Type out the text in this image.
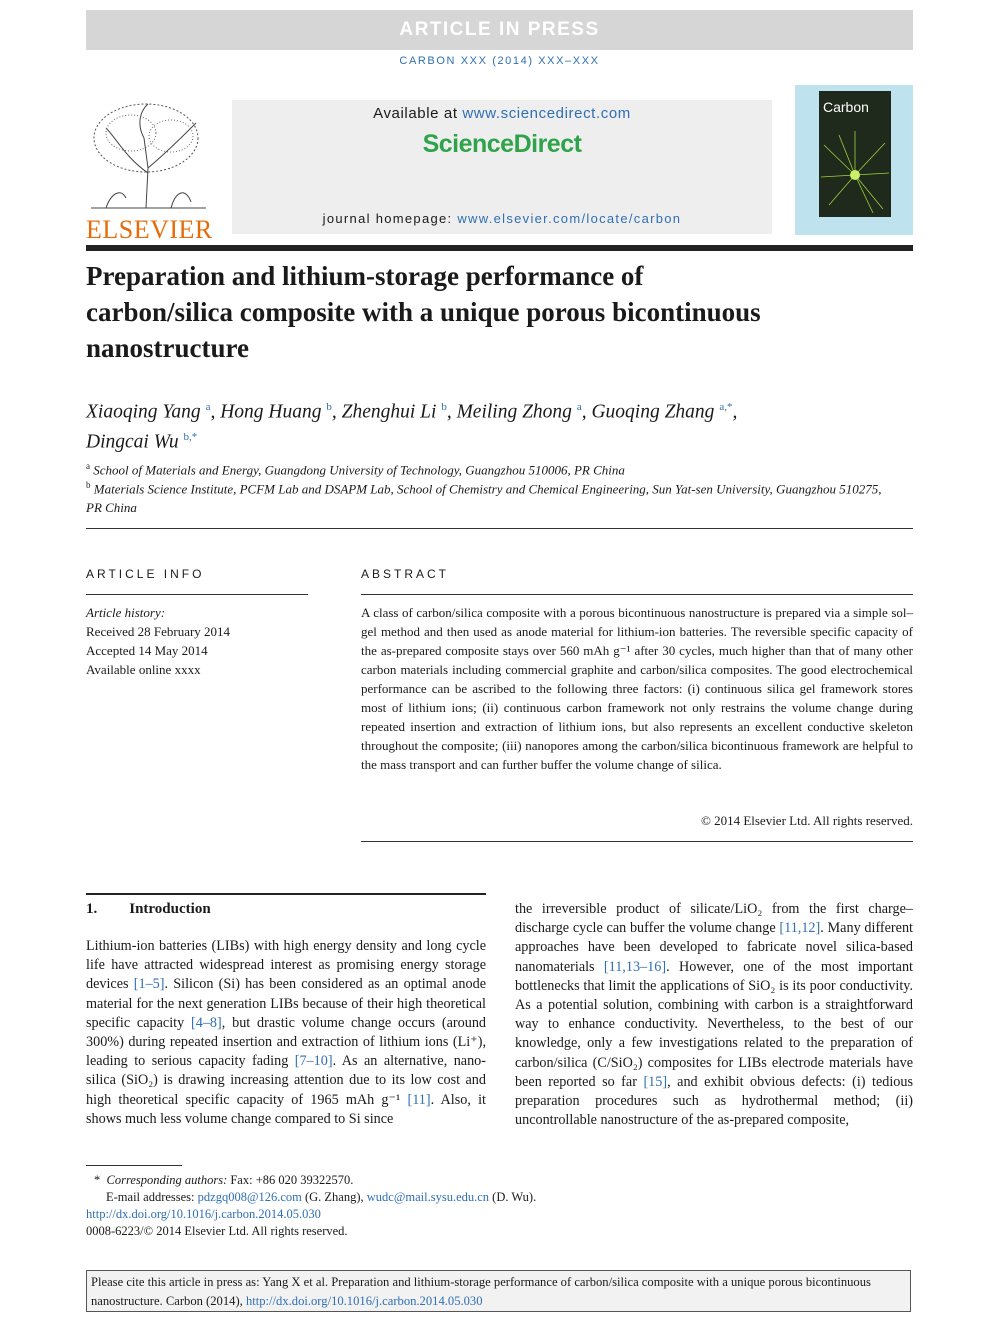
ARTICLE IN PRESS
CARBON XXX (2014) XXX–XXX
ELSEVIER
Available at www.sciencedirect.com
ScienceDirect
journal homepage: www.elsevier.com/locate/carbon
Carbon
Preparation and lithium-storage performance of carbon/silica composite with a unique porous bicontinuous nanostructure
Xiaoqing Yang $^a$, Hong Huang $^b$, Zhenghui Li $^b$, Meiling Zhong $^a$, Guoqing Zhang $^{a,*}$,
Dingcai Wu $^{b,*}$
$^a$ School of Materials and Energy, Guangdong University of Technology, Guangzhou 510006, PR China
$^b$ Materials Science Institute, PCFM Lab and DSAPM Lab, School of Chemistry and Chemical Engineering, Sun Yat-sen University, Guangzhou 510275, PR China
ARTICLE INFO	ABSTRACT
Article history:
Received 28 February 2014
Accepted 14 May 2014
Available online xxxx
A class of carbon/silica composite with a porous bicontinuous nanostructure is prepared via a simple sol–gel method and then used as anode material for lithium-ion batteries. The reversible specific capacity of the as-prepared composite stays over 560 mAh g⁻¹ after 30 cycles, much higher than that of many other carbon materials including commercial graphite and carbon/silica composites. The good electrochemical performance can be ascribed to the following three factors: (i) continuous silica gel framework stores most of lithium ions; (ii) continuous carbon framework not only restrains the volume change during repeated insertion and extraction of lithium ions, but also represents an excellent conductive skeleton throughout the composite; (iii) nanopores among the carbon/silica bicontinuous framework are helpful to the mass transport and can further buffer the volume change of silica.
© 2014 Elsevier Ltd. All rights reserved.
1. Introduction
Lithium-ion batteries (LIBs) with high energy density and long cycle life have attracted widespread interest as promising energy storage devices [1–5]. Silicon (Si) has been considered as an optimal anode material for the next generation LIBs because of their high theoretical specific capacity [4–8], but drastic volume change occurs (around 300%) during repeated insertion and extraction of lithium ions (Li⁺), leading to serious capacity fading [7–10]. As an alternative, nano-silica (SiO₂) is drawing increasing attention due to its low cost and high theoretical specific capacity of 1965 mAh g⁻¹ [11]. Also, it shows much less volume change compared to Si since
the irreversible product of silicate/LiO₂ from the first charge–discharge cycle can buffer the volume change [11,12]. Many different approaches have been developed to fabricate novel silica-based nanomaterials [11,13–16]. However, one of the most important bottlenecks that limit the applications of SiO₂ is its poor conductivity. As a potential solution, combining with carbon is a straightforward way to enhance conductivity. Nevertheless, to the best of our knowledge, only a few investigations related to the preparation of carbon/silica (C/SiO₂) composites for LIBs electrode materials have been reported so far [15], and exhibit obvious defects: (i) tedious preparation procedures such as hydrothermal method; (ii) uncontrollable nanostructure of the as-prepared composite,
* Corresponding authors: Fax: +86 020 39322570.
E-mail addresses: pdzgq008@126.com (G. Zhang), wudc@mail.sysu.edu.cn (D. Wu).
http://dx.doi.org/10.1016/j.carbon.2014.05.030
0008-6223/© 2014 Elsevier Ltd. All rights reserved.
Please cite this article in press as: Yang X et al. Preparation and lithium-storage performance of carbon/silica composite with a unique porous bicontinuous nanostructure. Carbon (2014), http://dx.doi.org/10.1016/j.carbon.2014.05.030
